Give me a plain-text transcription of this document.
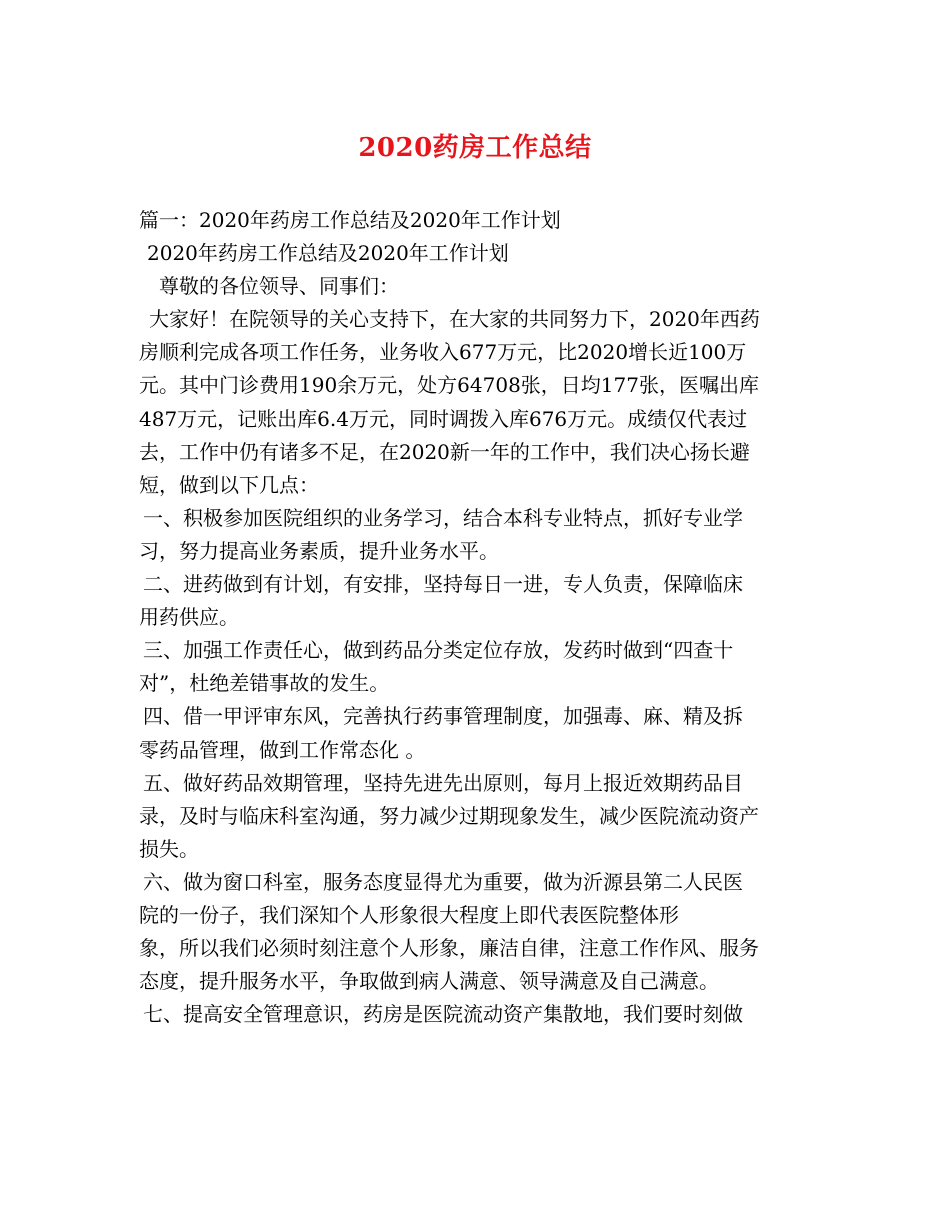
2020药房工作总结
篇一：2020年药房工作总结及2020年工作计划
2020年药房工作总结及2020年工作计划
尊敬的各位领导、同事们：
大家好！在院领导的关心支持下，在大家的共同努力下，2020年西药
房顺利完成各项工作任务，业务收入677万元，比2020增长近100万
元。其中门诊费用190余万元，处方64708张，日均177张，医嘱出库
487万元，记账出库6.4万元，同时调拨入库676万元。成绩仅代表过
去，工作中仍有诸多不足，在2020新一年的工作中，我们决心扬长避
短，做到以下几点：
一、积极参加医院组织的业务学习，结合本科专业特点，抓好专业学
习，努力提高业务素质，提升业务水平。
二、进药做到有计划，有安排，坚持每日一进，专人负责，保障临床
用药供应。
三、加强工作责任心，做到药品分类定位存放，发药时做到“四查十
对”，杜绝差错事故的发生。
四、借一甲评审东风，完善执行药事管理制度，加强毒、麻、精及拆
零药品管理，做到工作常态化 。
五、做好药品效期管理，坚持先进先出原则，每月上报近效期药品目
录，及时与临床科室沟通，努力减少过期现象发生，减少医院流动资产
损失。
六、做为窗口科室，服务态度显得尤为重要，做为沂源县第二人民医
院的一份子，我们深知个人形象很大程度上即代表医院整体形
象，所以我们必须时刻注意个人形象，廉洁自律，注意工作作风、服务
态度，提升服务水平，争取做到病人满意、领导满意及自己满意。
七、提高安全管理意识，药房是医院流动资产集散地，我们要时刻做
